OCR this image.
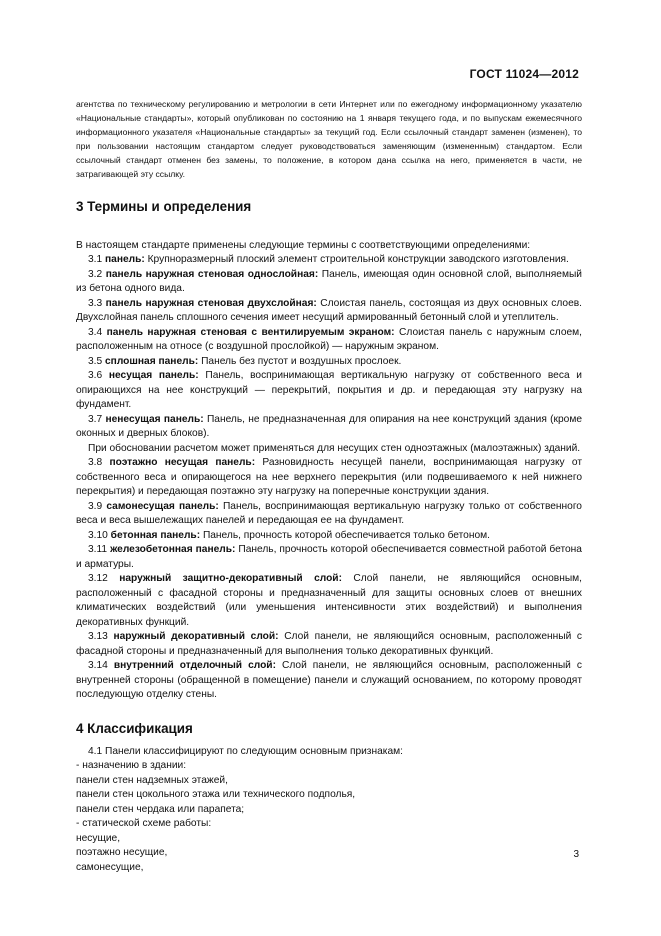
ГОСТ 11024—2012

агентства по техническому регулированию и метрологии в сети Интернет или по ежегодному информационному указателю «Национальные стандарты», который опубликован по состоянию на 1 января текущего года, и по выпускам ежемесячного информационного указателя «Национальные стандарты» за текущий год. Если ссылочный стандарт заменен (изменен), то при пользовании настоящим стандартом следует руководствоваться заменяющим (измененным) стандартом. Если ссылочный стандарт отменен без замены, то положение, в котором дана ссылка на него, применяется в части, не затрагивающей эту ссылку.

3 Термины и определения

В настоящем стандарте применены следующие термины с соответствующими определениями:

3.1 панель: Крупноразмерный плоский элемент строительной конструкции заводского изготовления.

3.2 панель наружная стеновая однослойная: Панель, имеющая один основной слой, выполняемый из бетона одного вида.

3.3 панель наружная стеновая двухслойная: Слоистая панель, состоящая из двух основных слоев. Двухслойная панель сплошного сечения имеет несущий армированный бетонный слой и утеплитель.

3.4 панель наружная стеновая с вентилируемым экраном: Слоистая панель с наружным слоем, расположенным на относе (с воздушной прослойкой) — наружным экраном.

3.5 сплошная панель: Панель без пустот и воздушных прослоек.

3.6 несущая панель: Панель, воспринимающая вертикальную нагрузку от собственного веса и опирающихся на нее конструкций — перекрытий, покрытия и др. и передающая эту нагрузку на фундамент.

3.7 ненесущая панель: Панель, не предназначенная для опирания на нее конструкций здания (кроме оконных и дверных блоков).

При обосновании расчетом может применяться для несущих стен одноэтажных (малоэтажных) зданий.

3.8 поэтажно несущая панель: Разновидность несущей панели, воспринимающая нагрузку от собственного веса и опирающегося на нее верхнего перекрытия (или подвешиваемого к ней нижнего перекрытия) и передающая поэтажно эту нагрузку на поперечные конструкции здания.

3.9 самонесущая панель: Панель, воспринимающая вертикальную нагрузку только от собственного веса и веса вышележащих панелей и передающая ее на фундамент.

3.10 бетонная панель: Панель, прочность которой обеспечивается только бетоном.

3.11 железобетонная панель: Панель, прочность которой обеспечивается совместной работой бетона и арматуры.

3.12 наружный защитно-декоративный слой: Слой панели, не являющийся основным, расположенный с фасадной стороны и предназначенный для защиты основных слоев от внешних климатических воздействий (или уменьшения интенсивности этих воздействий) и выполнения декоративных функций.

3.13 наружный декоративный слой: Слой панели, не являющийся основным, расположенный с фасадной стороны и предназначенный для выполнения только декоративных функций.

3.14 внутренний отделочный слой: Слой панели, не являющийся основным, расположенный с внутренней стороны (обращенной в помещение) панели и служащий основанием, по которому проводят последующую отделку стены.

4 Классификация

4.1 Панели классифицируют по следующим основным признакам:

- назначению в здании:

панели стен надземных этажей,

панели стен цокольного этажа или технического подполья,

панели стен чердака или парапета;

- статической схеме работы:

несущие,

поэтажно несущие,

самонесущие,

3
